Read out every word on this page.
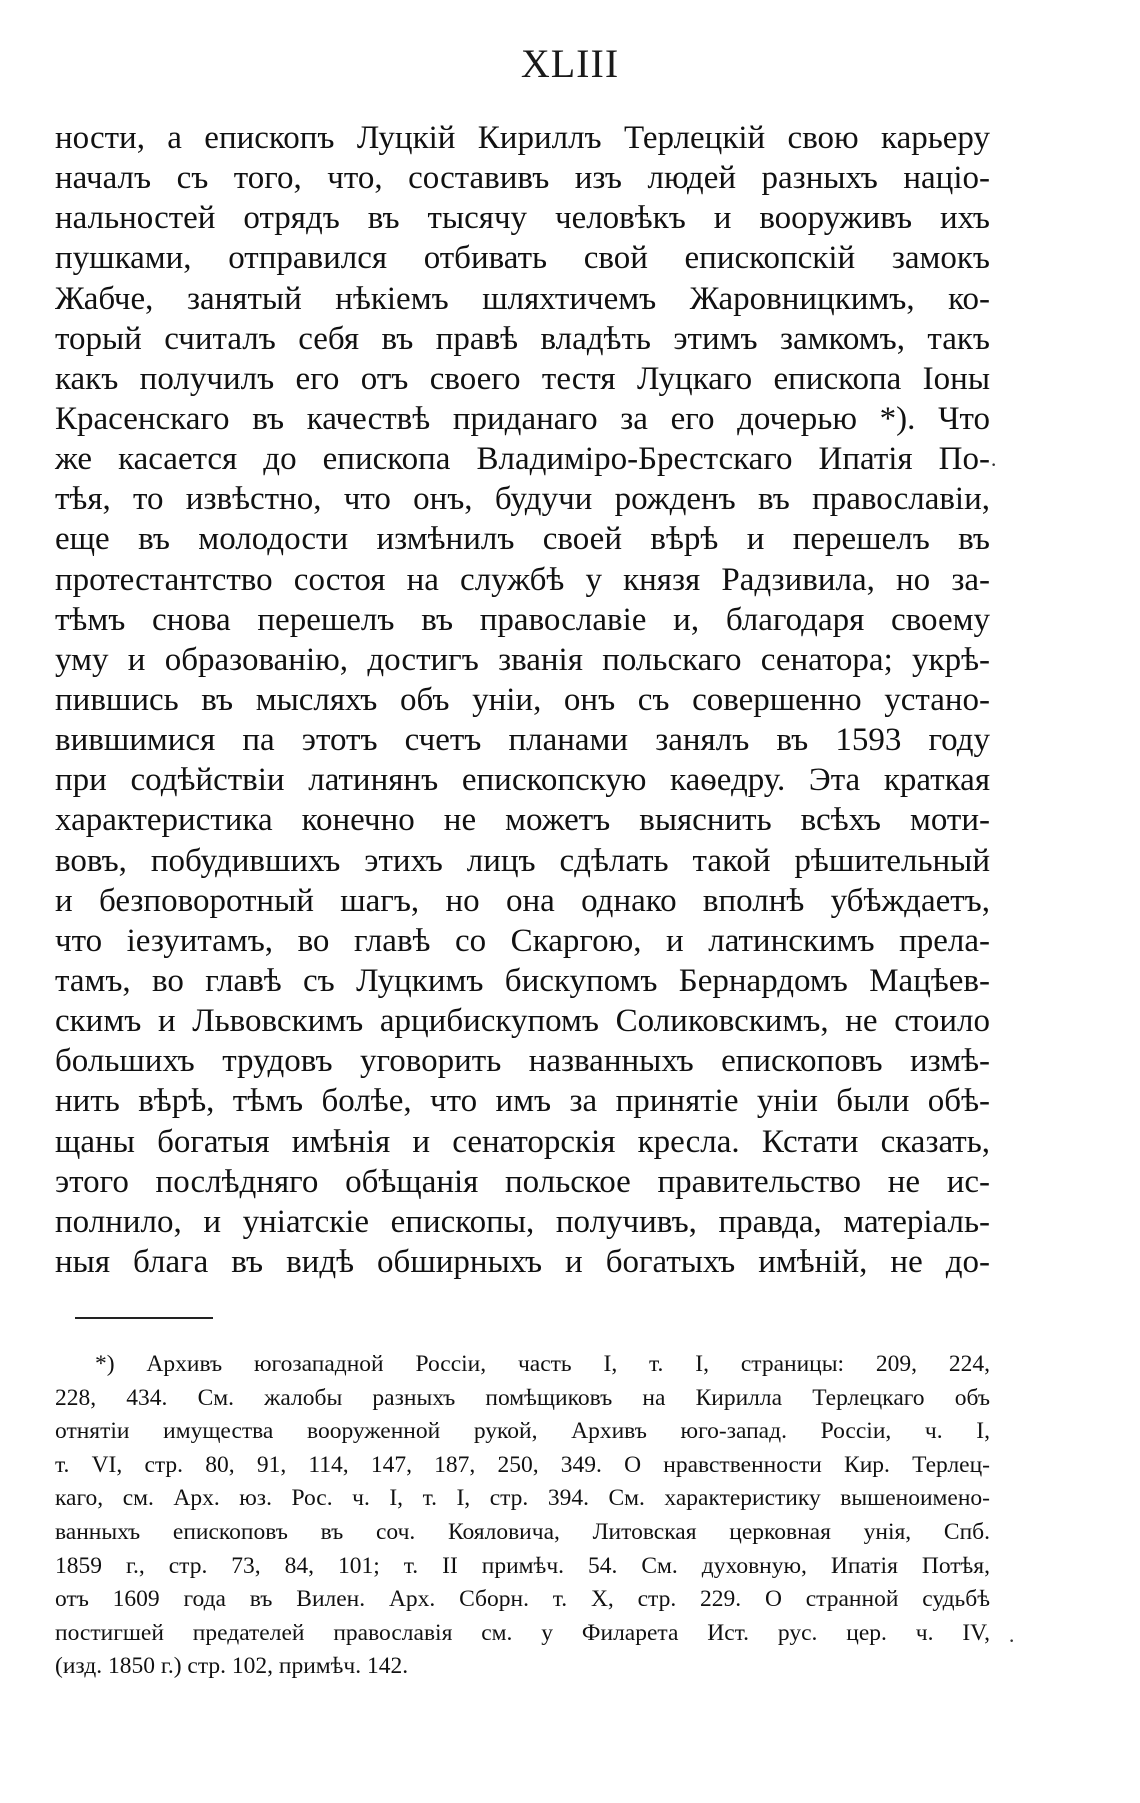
XLIII
ности, а епископъ Луцкій Кириллъ Терлецкій свою карьеру
началъ съ того, что, составивъ изъ людей разныхъ націо-
нальностей отрядъ въ тысячу человѣкъ и вооруживъ ихъ
пушками, отправился отбивать свой епископскій замокъ
Жабче, занятый нѣкіемъ шляхтичемъ Жаровницкимъ, ко-
торый считалъ себя въ правѣ владѣть этимъ замкомъ, такъ
какъ получилъ его отъ своего тестя Луцкаго епископа Іоны
Красенскаго въ качествѣ приданаго за его дочерью *). Что
же касается до епископа Владиміро-Брестскаго Ипатія По-
тѣя, то извѣстно, что онъ, будучи рожденъ въ православіи,
еще въ молодости измѣнилъ своей вѣрѣ и перешелъ въ
протестантство состоя на службѣ у князя Радзивила, но за-
тѣмъ снова перешелъ въ православіе и, благодаря своему
уму и образованію, достигъ званія польскаго сенатора; укрѣ-
пившись въ мысляхъ объ уніи, онъ съ совершенно устано-
вившимися па этотъ счетъ планами занялъ въ 1593 году
при содѣйствіи латинянъ епископскую каѳедру. Эта краткая
характеристика конечно не можетъ выяснить всѣхъ моти-
вовъ, побудившихъ этихъ лицъ сдѣлать такой рѣшительный
и безповоротный шагъ, но она однако вполнѣ убѣждаетъ,
что іезуитамъ, во главѣ со Скаргою, и латинскимъ прела-
тамъ, во главѣ съ Луцкимъ бискупомъ Бернардомъ Мацѣев-
скимъ и Львовскимъ арцибискупомъ Соликовскимъ, не стоило
большихъ трудовъ уговорить названныхъ епископовъ измѣ-
нить вѣрѣ, тѣмъ болѣе, что имъ за принятіе уніи были обѣ-
щаны богатыя имѣнія и сенаторскія кресла. Кстати сказать,
этого послѣдняго обѣщанія польское правительство не ис-
полнило, и уніатскіе епископы, получивъ, правда, матеріаль-
ныя блага въ видѣ обширныхъ и богатыхъ имѣній, не до-
·
·
*) Архивъ югозападной Россіи, часть I, т. I, страницы: 209, 224,
228, 434. См. жалобы разныхъ помѣщиковъ на Кирилла Терлецкаго объ
отнятіи имущества вооруженной рукой, Архивъ юго-запад. Россіи, ч. I,
т. VI, стр. 80, 91, 114, 147, 187, 250, 349. О нравственности Кир. Терлец-
каго, см. Арх. юз. Рос. ч. I, т. I, стр. 394. См. характеристику вышеноимено-
ванныхъ епископовъ въ соч. Кояловича, Литовская церковная унія, Спб.
1859 г., стр. 73, 84, 101; т. II примѣч. 54. См. духовную, Ипатія Потѣя,
отъ 1609 года въ Вилен. Арх. Сборн. т. X, стр. 229. О странной судьбѣ
постигшей предателей православія см. у Филарета Ист. рус. цер. ч. IV,
(изд. 1850 г.) стр. 102, примѣч. 142.
